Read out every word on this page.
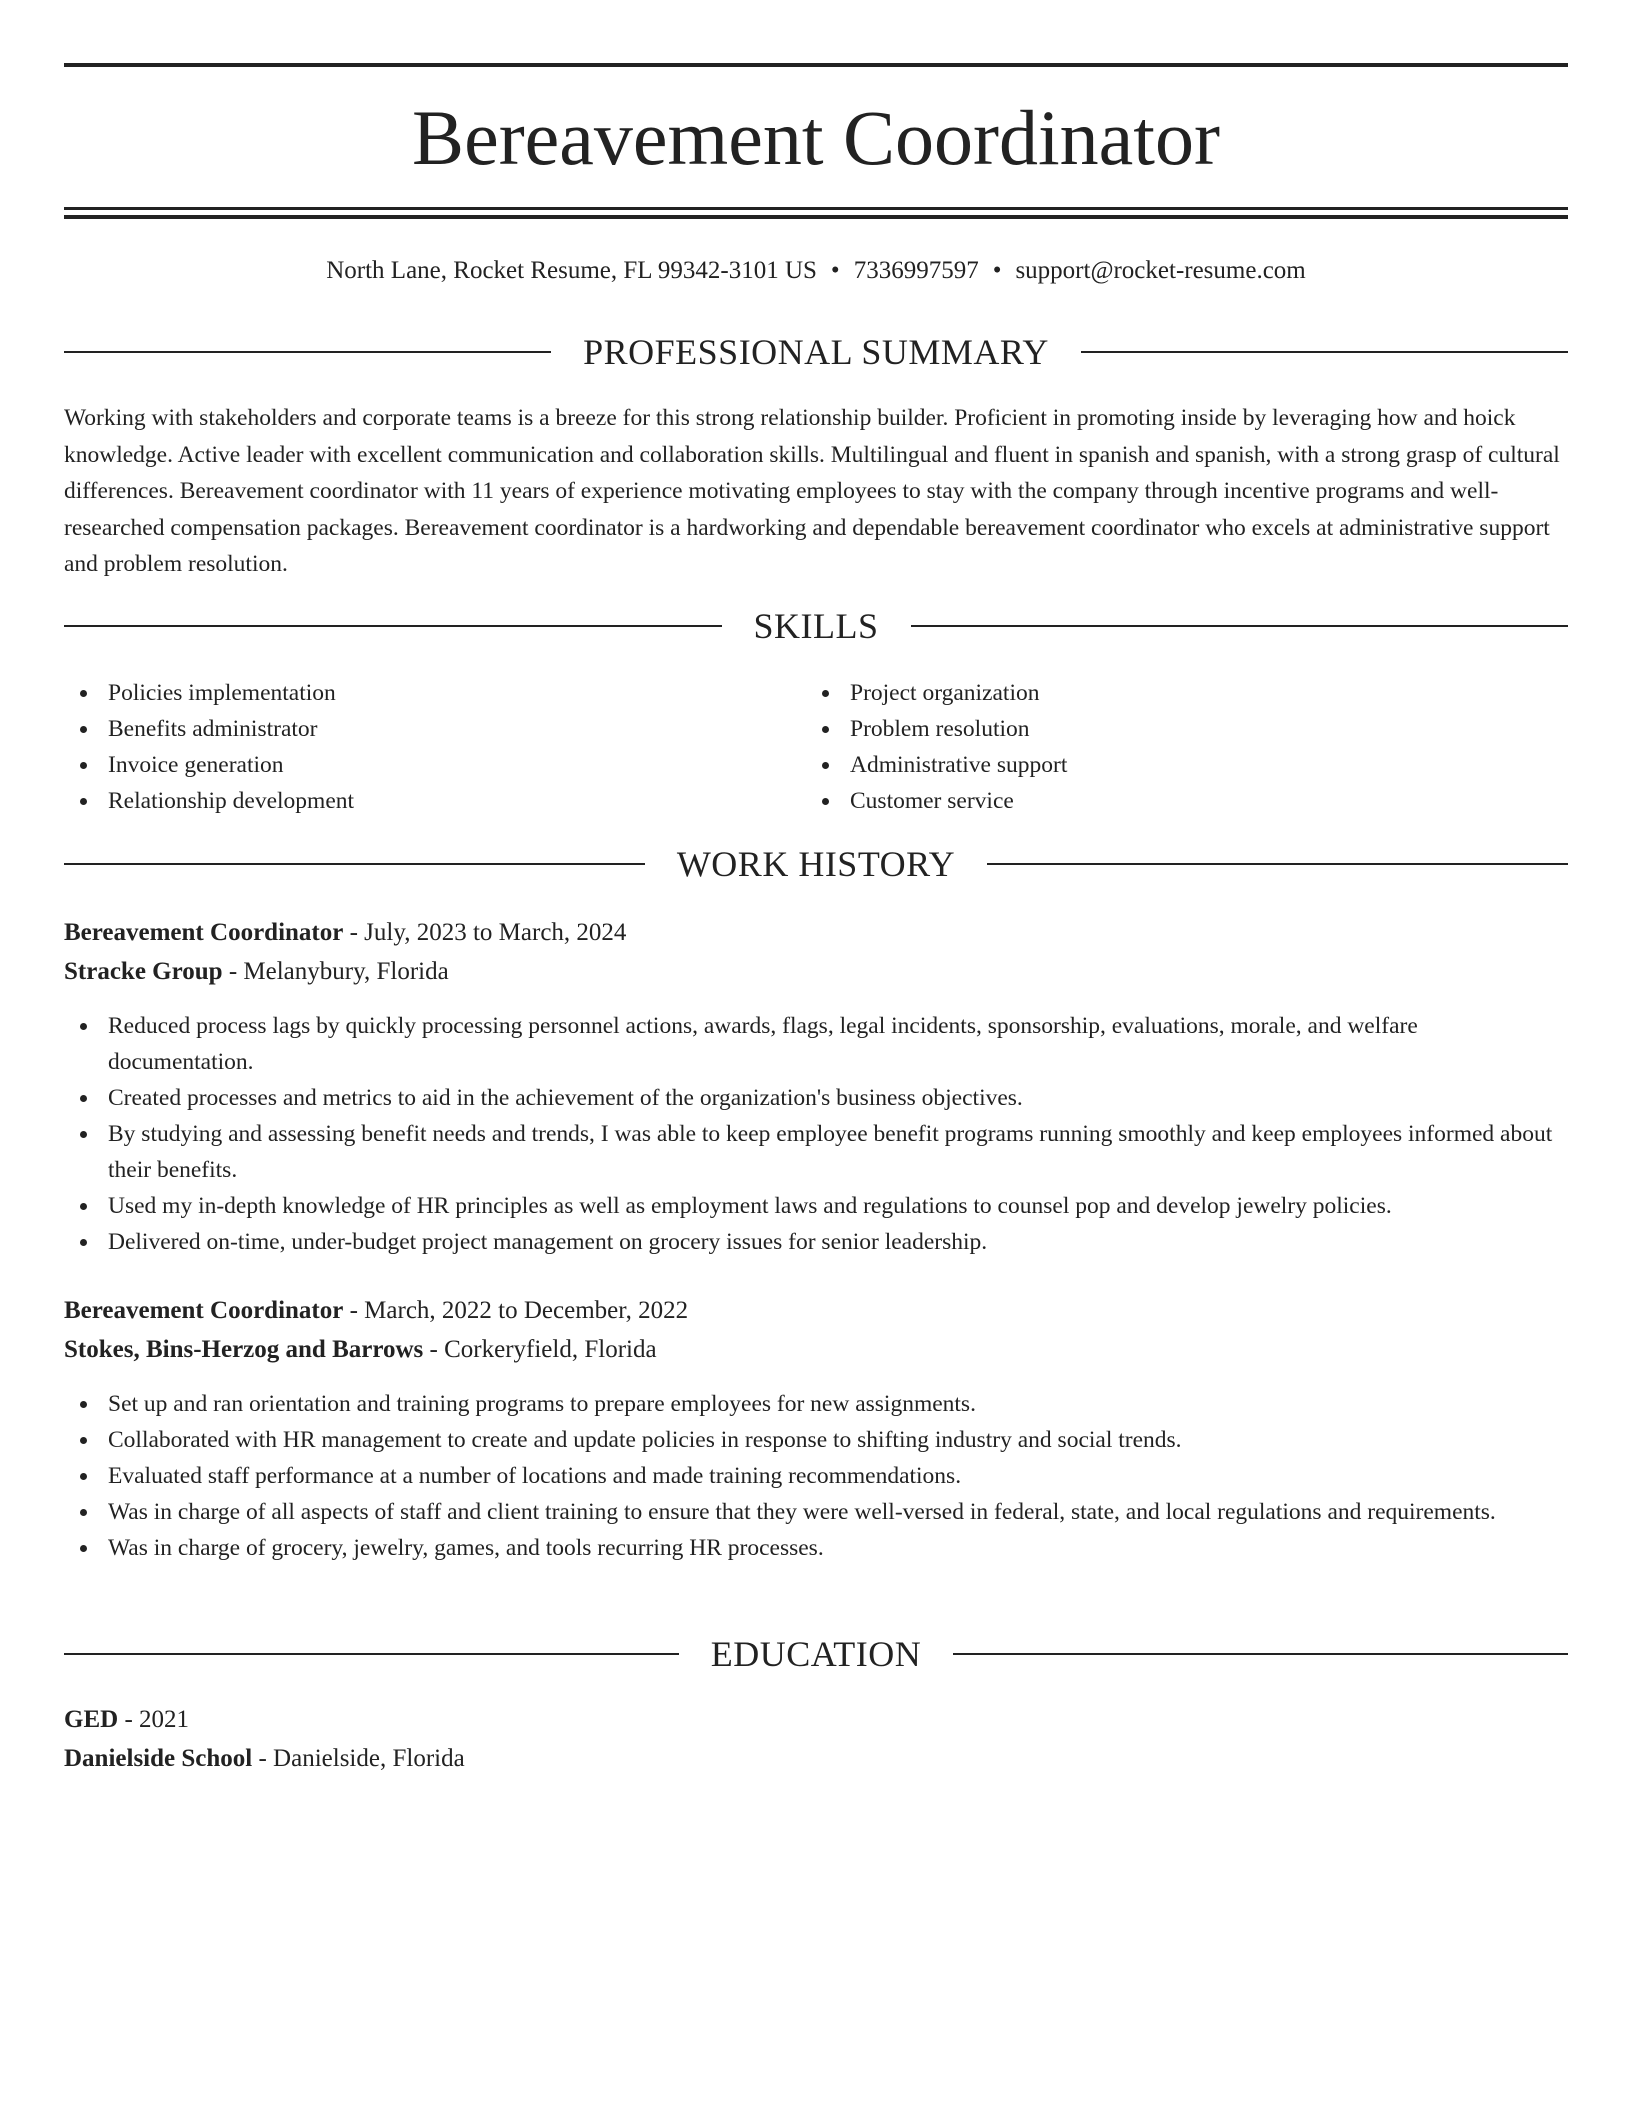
Bereavement Coordinator
North Lane, Rocket Resume, FL 99342-3101 US • 7336997597 • support@rocket-resume.com
PROFESSIONAL SUMMARY

Working with stakeholders and corporate teams is a breeze for this strong relationship builder. Proficient in promoting inside by leveraging how and hoick knowledge. Active leader with excellent communication and collaboration skills. Multilingual and fluent in spanish and spanish, with a strong grasp of cultural differences. Bereavement coordinator with 11 years of experience motivating employees to stay with the company through incentive programs and well-researched compensation packages. Bereavement coordinator is a hardworking and dependable bereavement coordinator who excels at administrative support and problem resolution.

SKILLS
Policies implementation
Benefits administrator
Invoice generation
Relationship development
Project organization
Problem resolution
Administrative support
Customer service
WORK HISTORY
Bereavement Coordinator - July, 2023 to March, 2024
Stracke Group - Melanybury, Florida
Reduced process lags by quickly processing personnel actions, awards, flags, legal incidents, sponsorship, evaluations, morale, and welfare documentation.
Created processes and metrics to aid in the achievement of the organization's business objectives.
By studying and assessing benefit needs and trends, I was able to keep employee benefit programs running smoothly and keep employees informed about their benefits.
Used my in-depth knowledge of HR principles as well as employment laws and regulations to counsel pop and develop jewelry policies.
Delivered on-time, under-budget project management on grocery issues for senior leadership.
Bereavement Coordinator - March, 2022 to December, 2022
Stokes, Bins-Herzog and Barrows - Corkeryfield, Florida
Set up and ran orientation and training programs to prepare employees for new assignments.
Collaborated with HR management to create and update policies in response to shifting industry and social trends.
Evaluated staff performance at a number of locations and made training recommendations.
Was in charge of all aspects of staff and client training to ensure that they were well-versed in federal, state, and local regulations and requirements.
Was in charge of grocery, jewelry, games, and tools recurring HR processes.
EDUCATION
GED - 2021
Danielside School - Danielside, Florida
